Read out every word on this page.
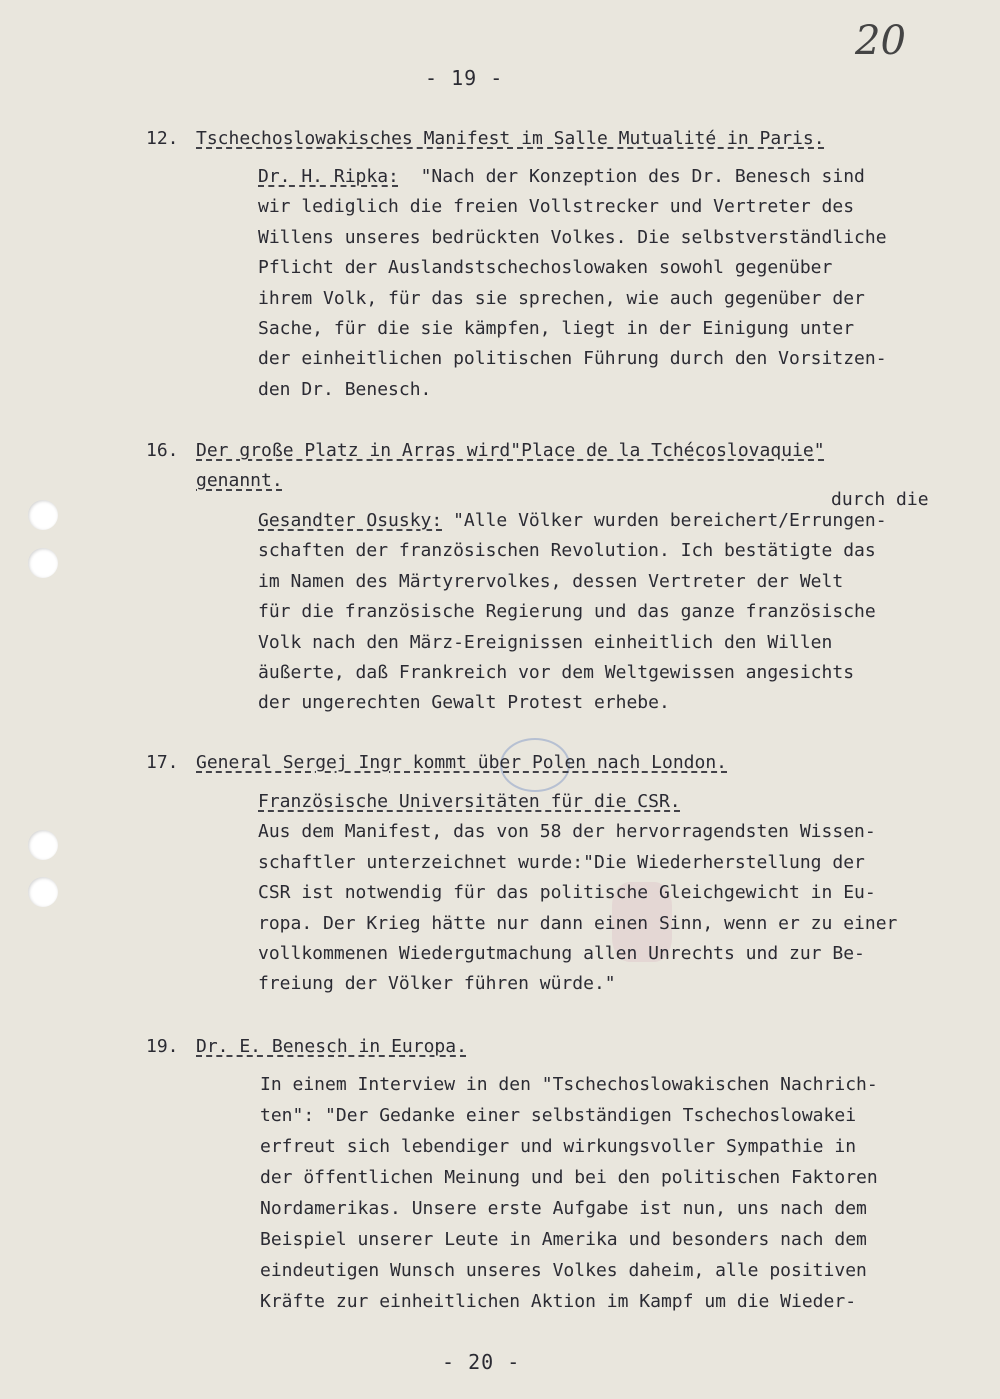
20
- 19 -
12. Tschechoslowakisches Manifest im Salle Mutualité in Paris.
Dr. H. Ripka: "Nach der Konzeption des Dr. Benesch sind
wir lediglich die freien Vollstrecker und Vertreter des
Willens unseres bedrückten Volkes. Die selbstverständliche
Pflicht der Auslandstschechoslowaken sowohl gegenüber
ihrem Volk, für das sie sprechen, wie auch gegenüber der
Sache, für die sie kämpfen, liegt in der Einigung unter
der einheitlichen politischen Führung durch den Vorsitzen-
den Dr. Benesch.
16. Der große Platz in Arras wird"Place de la Tchécoslovaquie"
genannt.
durch die
Gesandter Osusky: "Alle Völker wurden bereichert/Errungen-
schaften der französischen Revolution. Ich bestätigte das
im Namen des Märtyrervolkes, dessen Vertreter der Welt
für die französische Regierung und das ganze französische
Volk nach den März-Ereignissen einheitlich den Willen
äußerte, daß Frankreich vor dem Weltgewissen angesichts
der ungerechten Gewalt Protest erhebe.
17. General Sergej Ingr kommt über Polen nach London.
Französische Universitäten für die CSR.
Aus dem Manifest, das von 58 der hervorragendsten Wissen-
schaftler unterzeichnet wurde:"Die Wiederherstellung der
CSR ist notwendig für das politische Gleichgewicht in Eu-
ropa. Der Krieg hätte nur dann einen Sinn, wenn er zu einer
vollkommenen Wiedergutmachung allen Unrechts und zur Be-
freiung der Völker führen würde."
19. Dr. E. Benesch in Europa.
In einem Interview in den "Tschechoslowakischen Nachrich-
ten": "Der Gedanke einer selbständigen Tschechoslowakei
erfreut sich lebendiger und wirkungsvoller Sympathie in
der öffentlichen Meinung und bei den politischen Faktoren
Nordamerikas. Unsere erste Aufgabe ist nun, uns nach dem
Beispiel unserer Leute in Amerika und besonders nach dem
eindeutigen Wunsch unseres Volkes daheim, alle positiven
Kräfte zur einheitlichen Aktion im Kampf um die Wieder-
- 20 -
